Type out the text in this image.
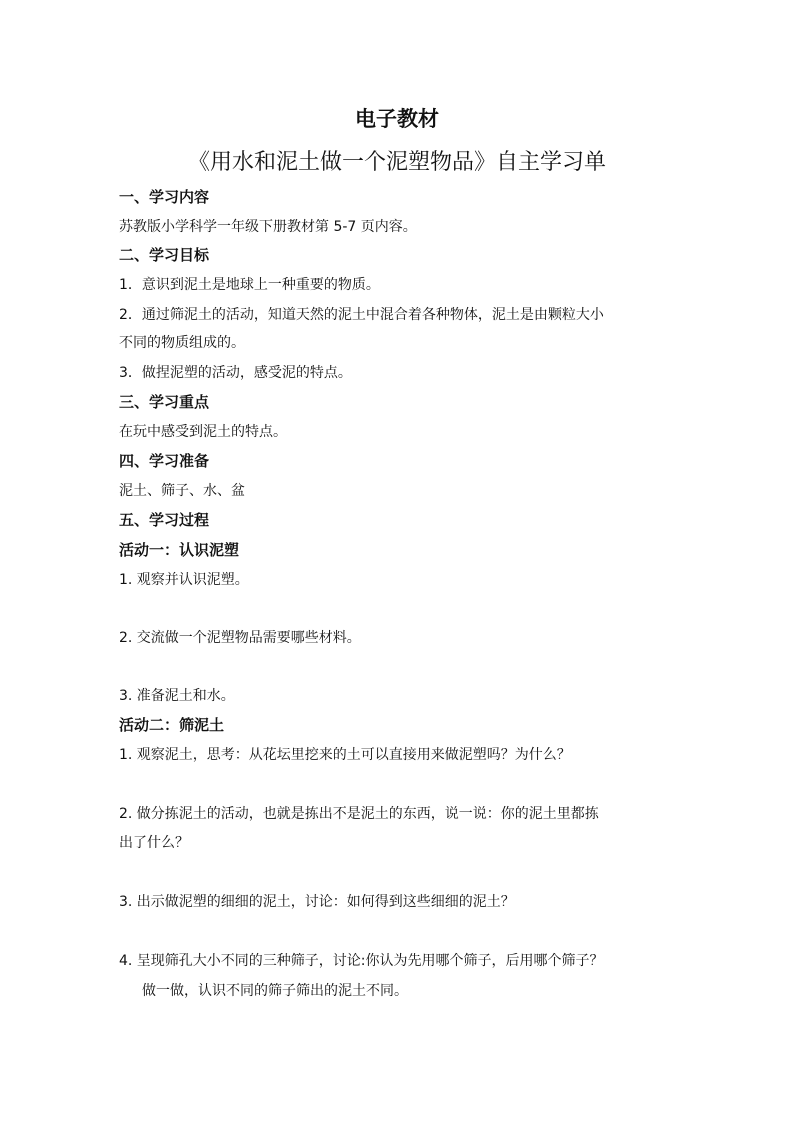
电子教材
《用水和泥土做一个泥塑物品》自主学习单
一、学习内容
苏教版小学科学一年级下册教材第 5-7 页内容。
二、学习目标
1．意识到泥土是地球上一种重要的物质。
2．通过筛泥土的活动，知道天然的泥土中混合着各种物体，泥土是由颗粒大小
不同的物质组成的。
3．做捏泥塑的活动，感受泥的特点。
三、学习重点
在玩中感受到泥土的特点。
四、学习准备
泥土、筛子、水、盆
五、学习过程
活动一：认识泥塑
1. 观察并认识泥塑。
2. 交流做一个泥塑物品需要哪些材料。
3. 准备泥土和水。
活动二：筛泥土
1. 观察泥土，思考：从花坛里挖来的土可以直接用来做泥塑吗？为什么？
2. 做分拣泥土的活动，也就是拣出不是泥土的东西，说一说：你的泥土里都拣
出了什么？
3. 出示做泥塑的细细的泥土，讨论：如何得到这些细细的泥土？
4. 呈现筛孔大小不同的三种筛子，讨论:你认为先用哪个筛子，后用哪个筛子？
做一做，认识不同的筛子筛出的泥土不同。
